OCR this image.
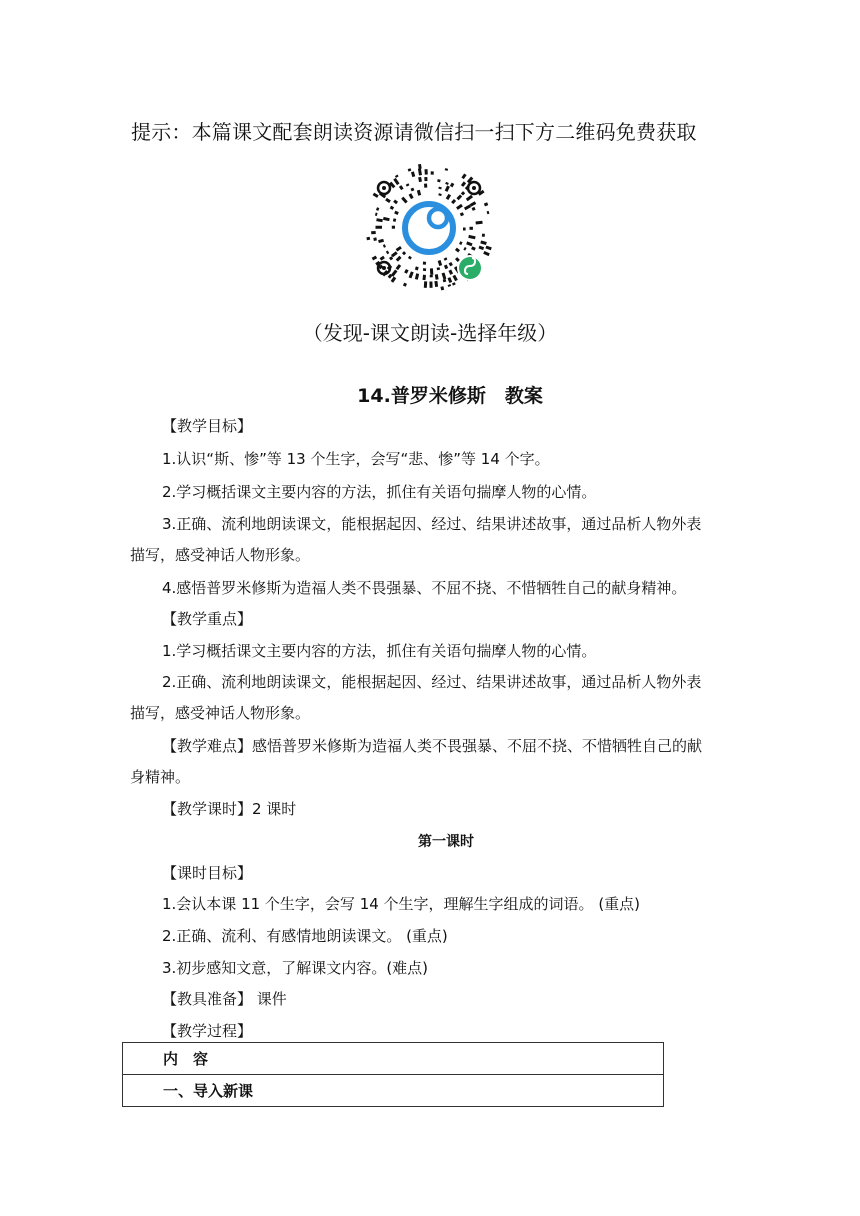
提示：本篇课文配套朗读资源请微信扫一扫下方二维码免费获取
（发现-课文朗读-选择年级）
14.普罗米修斯　教案
【教学目标】
1.认识“斯、惨”等 13 个生字，会写“悲、惨”等 14 个字。
2.学习概括课文主要内容的方法，抓住有关语句揣摩人物的心情。
3.正确、流利地朗读课文，能根据起因、经过、结果讲述故事，通过品析人物外表
描写，感受神话人物形象。
4.感悟普罗米修斯为造福人类不畏强暴、不屈不挠、不惜牺牲自己的献身精神。
【教学重点】
1.学习概括课文主要内容的方法，抓住有关语句揣摩人物的心情。
2.正确、流利地朗读课文，能根据起因、经过、结果讲述故事，通过品析人物外表
描写，感受神话人物形象。
【教学难点】感悟普罗米修斯为造福人类不畏强暴、不屈不挠、不惜牺牲自己的献
身精神。
【教学课时】2 课时
第一课时
【课时目标】
1.会认本课 11 个生字，会写 14 个生字，理解生字组成的词语。 (重点)
2.正确、流利、有感情地朗读课文。 (重点)
3.初步感知文意，了解课文内容。(难点)
【教具准备】 课件
【教学过程】
内　容
一、导入新课
